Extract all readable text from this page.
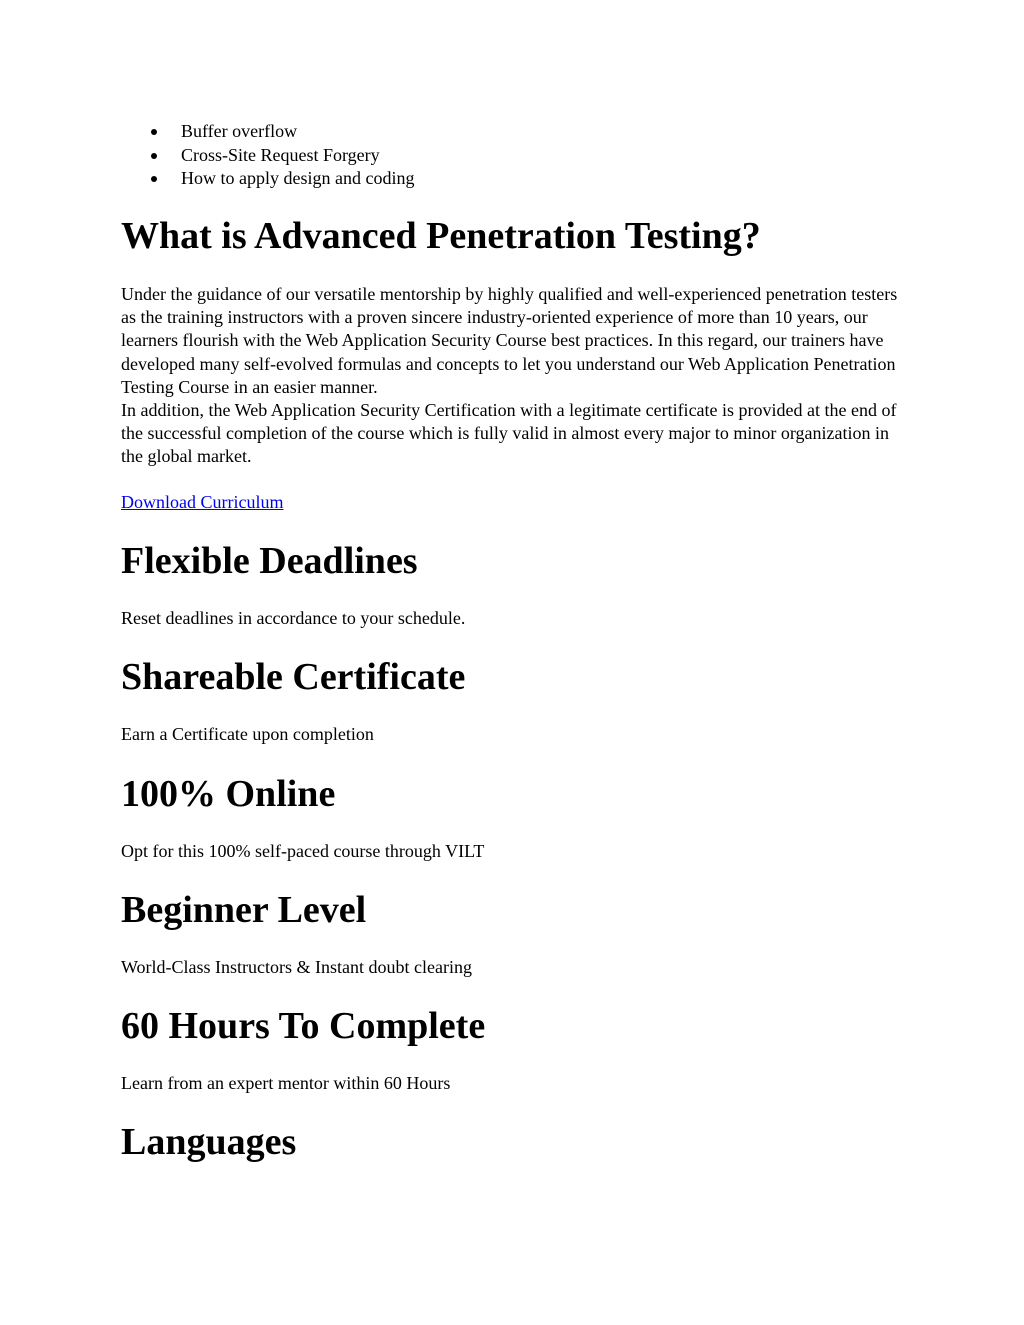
Buffer overflow
Cross-Site Request Forgery
How to apply design and coding
What is Advanced Penetration Testing?

Under the guidance of our versatile mentorship by highly qualified and well-experienced penetration testers as the training instructors with a proven sincere industry-oriented experience of more than 10 years, our learners flourish with the Web Application Security Course best practices. In this regard, our trainers have developed many self-evolved formulas and concepts to let you understand our Web Application Penetration Testing Course in an easier manner.

In addition, the Web Application Security Certification with a legitimate certificate is provided at the end of the successful completion of the course which is fully valid in almost every major to minor organization in the global market.

Download Curriculum
Flexible Deadlines

Reset deadlines in accordance to your schedule.

Shareable Certificate

Earn a Certificate upon completion

100% Online

Opt for this 100% self-paced course through VILT

Beginner Level

World-Class Instructors & Instant doubt clearing

60 Hours To Complete

Learn from an expert mentor within 60 Hours

Languages
